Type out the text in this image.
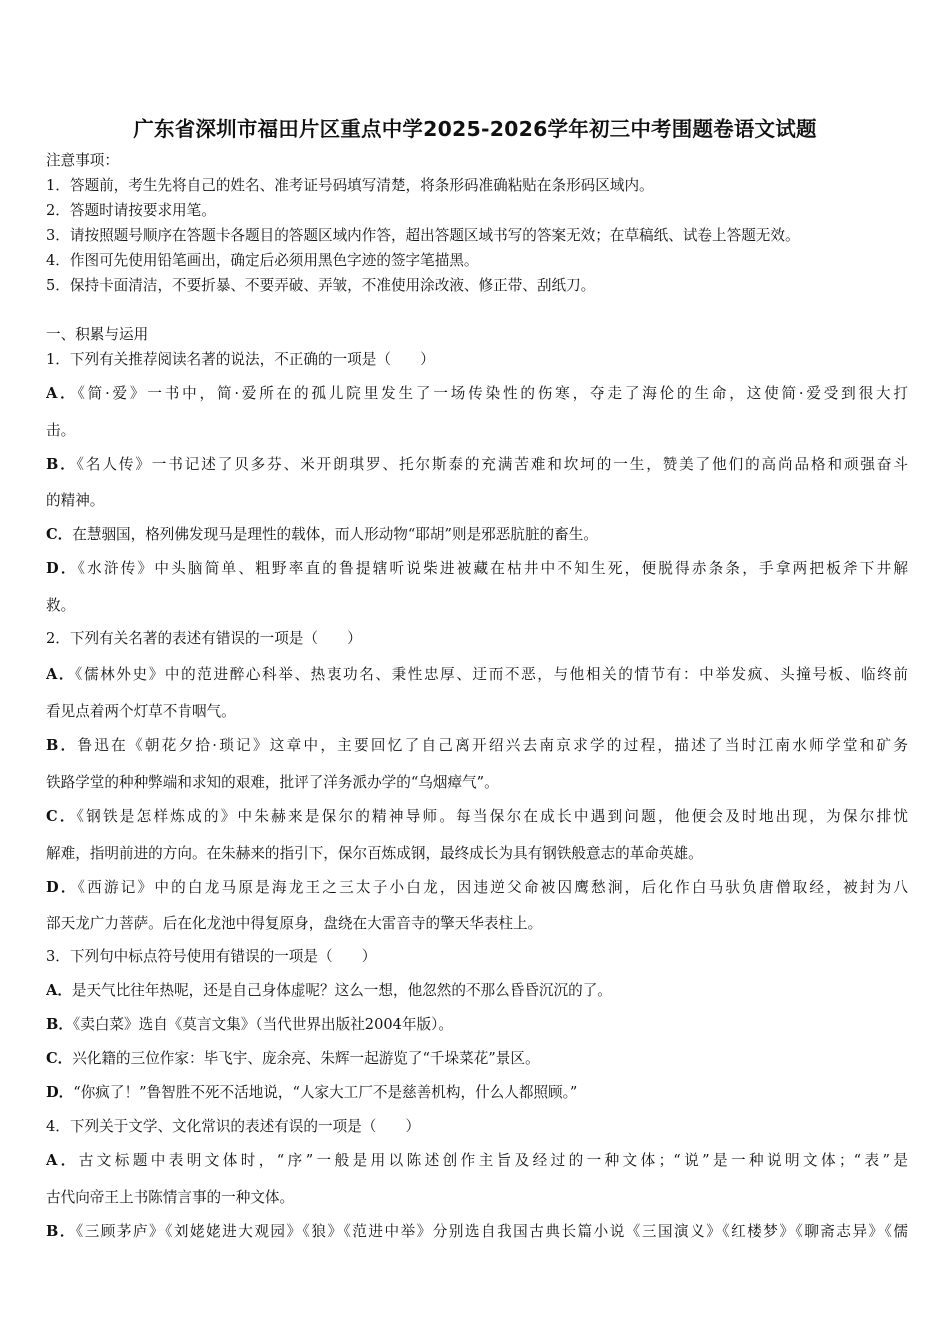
广东省深圳市福田片区重点中学2025-2026学年初三中考围题卷语文试题
注意事项：
1．答题前，考生先将自己的姓名、准考证号码填写清楚，将条形码准确粘贴在条形码区域内。
2．答题时请按要求用笔。
3．请按照题号顺序在答题卡各题目的答题区域内作答，超出答题区域书写的答案无效；在草稿纸、试卷上答题无效。
4．作图可先使用铅笔画出，确定后必须用黑色字迹的签字笔描黑。
5．保持卡面清洁，不要折暴、不要弄破、弄皱，不准使用涂改液、修正带、刮纸刀。
一、积累与运用
1．下列有关推荐阅读名著的说法，不正确的一项是（　　）
A．《简·爱》一书中，简·爱所在的孤儿院里发生了一场传染性的伤寒，夺走了海伦的生命，这使简·爱受到很大打
击。
B．《名人传》一书记述了贝多芬、米开朗琪罗、托尔斯泰的充满苦难和坎坷的一生，赞美了他们的高尚品格和顽强奋斗
的精神。
C．在慧骃国，格列佛发现马是理性的载体，而人形动物“耶胡”则是邪恶肮脏的畜生。
D．《水浒传》中头脑简单、粗野率直的鲁提辖听说柴进被藏在枯井中不知生死，便脱得赤条条，手拿两把板斧下井解
救。
2．下列有关名著的表述有错误的一项是（　　）
A．《儒林外史》中的范进醉心科举、热衷功名、秉性忠厚、迂而不恶，与他相关的情节有：中举发疯、头撞号板、临终前
看见点着两个灯草不肯咽气。
B．鲁迅在《朝花夕拾·琐记》这章中，主要回忆了自己离开绍兴去南京求学的过程，描述了当时江南水师学堂和矿务
铁路学堂的种种弊端和求知的艰难，批评了洋务派办学的“乌烟瘴气”。
C．《钢铁是怎样炼成的》中朱赫来是保尔的精神导师。每当保尔在成长中遇到问题，他便会及时地出现，为保尔排忧
解难，指明前进的方向。在朱赫来的指引下，保尔百炼成钢，最终成长为具有钢铁般意志的革命英雄。
D．《西游记》中的白龙马原是海龙王之三太子小白龙，因违逆父命被囚鹰愁涧，后化作白马驮负唐僧取经，被封为八
部天龙广力菩萨。后在化龙池中得复原身，盘绕在大雷音寺的擎天华表柱上。
3．下列句中标点符号使用有错误的一项是（　　）
A．是天气比往年热呢，还是自己身体虚呢？这么一想，他忽然的不那么昏昏沉沉的了。
B．《卖白菜》选自《莫言文集》（当代世界出版社2004年版）。
C．兴化籍的三位作家：毕飞宇、庞余亮、朱辉一起游览了“千垛菜花”景区。
D．“你疯了！”鲁智胜不死不活地说，“人家大工厂不是慈善机构，什么人都照顾。”
4．下列关于文学、文化常识的表述有误的一项是（　　）
A．古文标题中表明文体时，“序”一般是用以陈述创作主旨及经过的一种文体；“说”是一种说明文体；“表”是
古代向帝王上书陈情言事的一种文体。
B．《三顾茅庐》《刘姥姥进大观园》《狼》《范进中举》分别选自我国古典长篇小说《三国演义》《红楼梦》《聊斋志异》《儒
